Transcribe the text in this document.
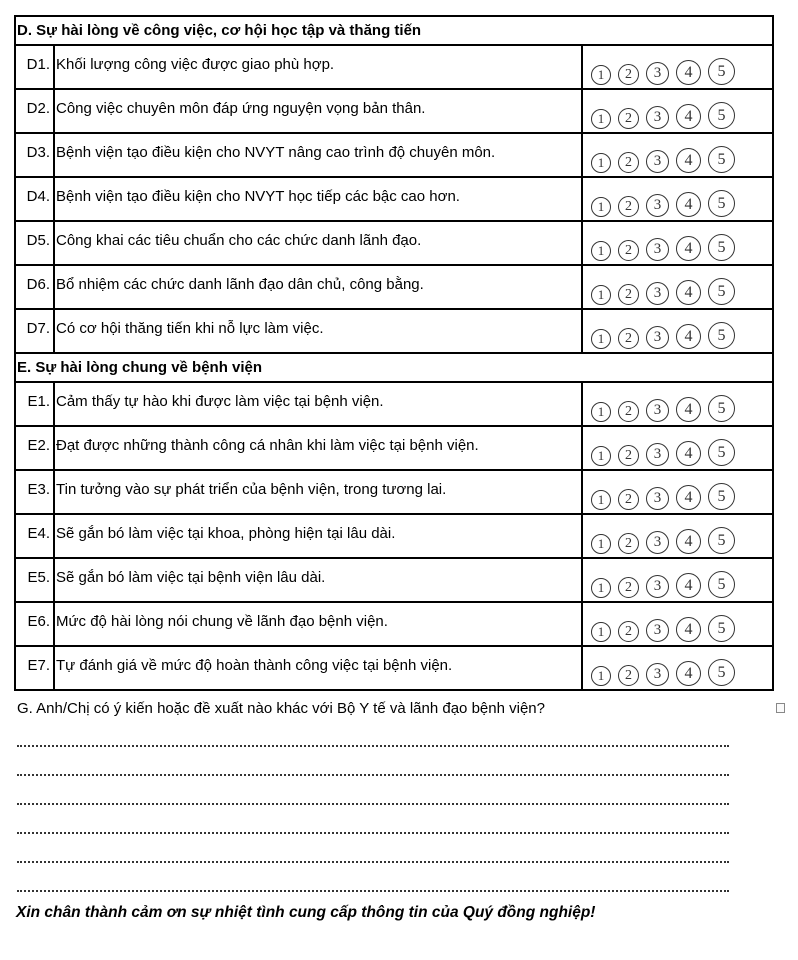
D. Sự hài lòng về công việc, cơ hội học tập và thăng tiến		
D1.	Khối lượng công việc được giao phù hợp.	1 2 3 4 5
D2.	Công việc chuyên môn đáp ứng nguyện vọng bản thân.	1 2 3 4 5
D3.	Bệnh viện tạo điều kiện cho NVYT nâng cao trình độ chuyên môn.	1 2 3 4 5
D4.	Bệnh viện tạo điều kiện cho NVYT học tiếp các bậc cao hơn.	1 2 3 4 5
D5.	Công khai các tiêu chuẩn cho các chức danh lãnh đạo.	1 2 3 4 5
D6.	Bổ nhiệm các chức danh lãnh đạo dân chủ, công bằng.	1 2 3 4 5
D7.	Có cơ hội thăng tiến khi nỗ lực làm việc.	1 2 3 4 5
E. Sự hài lòng chung về bệnh viện		
E1.	Cảm thấy tự hào khi được làm việc tại bệnh viện.	1 2 3 4 5
E2.	Đạt được những thành công cá nhân khi làm việc tại bệnh viện.	1 2 3 4 5
E3.	Tin tưởng vào sự phát triển của bệnh viện, trong tương lai.	1 2 3 4 5
E4.	Sẽ gắn bó làm việc tại khoa, phòng hiện tại lâu dài.	1 2 3 4 5
E5.	Sẽ gắn bó làm việc tại bệnh viện lâu dài.	1 2 3 4 5
E6.	Mức độ hài lòng nói chung về lãnh đạo bệnh viện.	1 2 3 4 5
E7.	Tự đánh giá về mức độ hoàn thành công việc tại bệnh viện.	1 2 3 4 5
G. Anh/Chị có ý kiến hoặc đề xuất nào khác với Bộ Y tế và lãnh đạo bệnh viện?
Xin chân thành cảm ơn sự nhiệt tình cung cấp thông tin của Quý đồng nghiệp!
